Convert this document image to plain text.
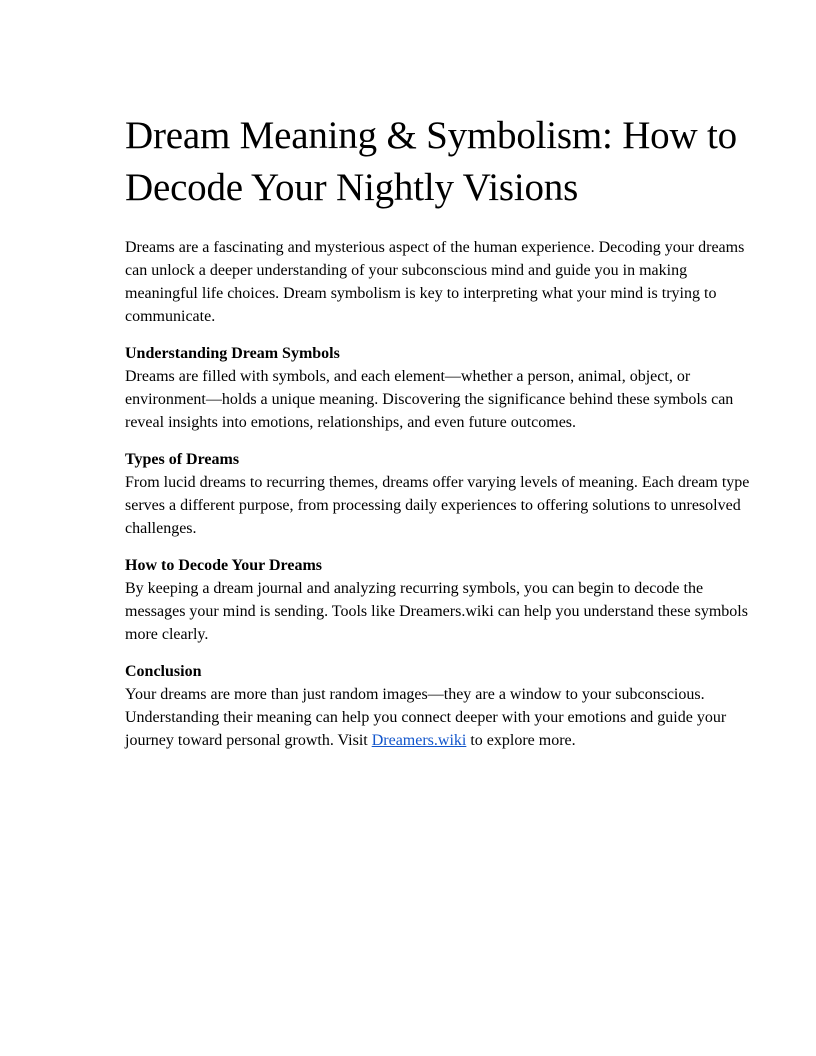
Dream Meaning & Symbolism: How to Decode Your Nightly Visions

Dreams are a fascinating and mysterious aspect of the human experience. Decoding your dreams can unlock a deeper understanding of your subconscious mind and guide you in making meaningful life choices. Dream symbolism is key to interpreting what your mind is trying to communicate.

Understanding Dream Symbols
Dreams are filled with symbols, and each element—whether a person, animal, object, or environment—holds a unique meaning. Discovering the significance behind these symbols can reveal insights into emotions, relationships, and even future outcomes.
Types of Dreams
From lucid dreams to recurring themes, dreams offer varying levels of meaning. Each dream type serves a different purpose, from processing daily experiences to offering solutions to unresolved challenges.
How to Decode Your Dreams
By keeping a dream journal and analyzing recurring symbols, you can begin to decode the messages your mind is sending. Tools like Dreamers.wiki can help you understand these symbols more clearly.
Conclusion
Your dreams are more than just random images—they are a window to your subconscious. Understanding their meaning can help you connect deeper with your emotions and guide your journey toward personal growth. Visit Dreamers.wiki to explore more.
